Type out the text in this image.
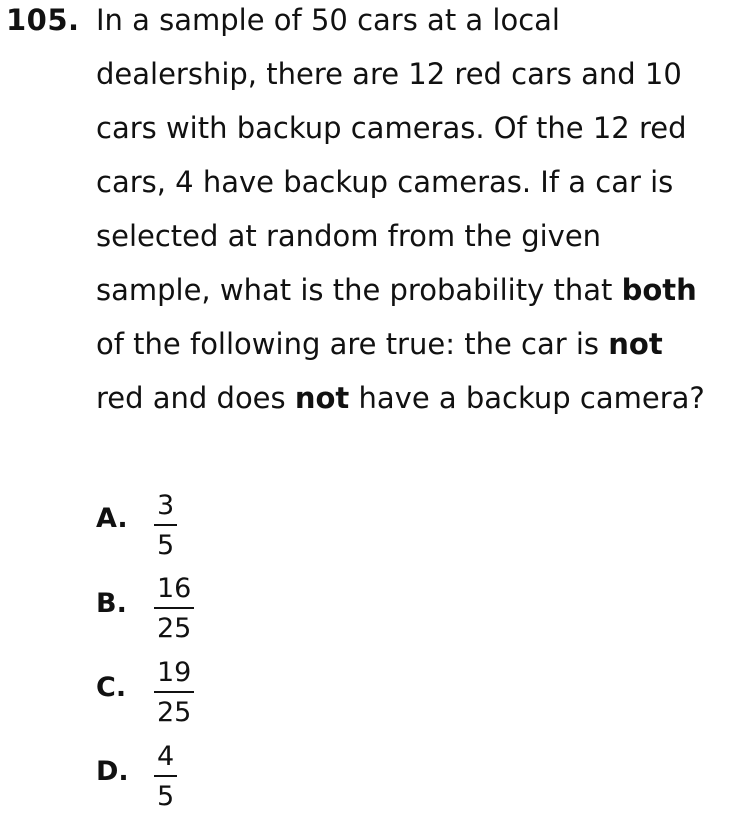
105. In a sample of 50 cars at a local
dealership, there are 12 red cars and 10
cars with backup cameras. Of the 12 red
cars, 4 have backup cameras. If a car is
selected at random from the given
sample, what is the probability that both
of the following are true: the car is not
red and does not have a backup camera?
A. 3
5
B. 16
25
C. 19
25
D. 4
5
